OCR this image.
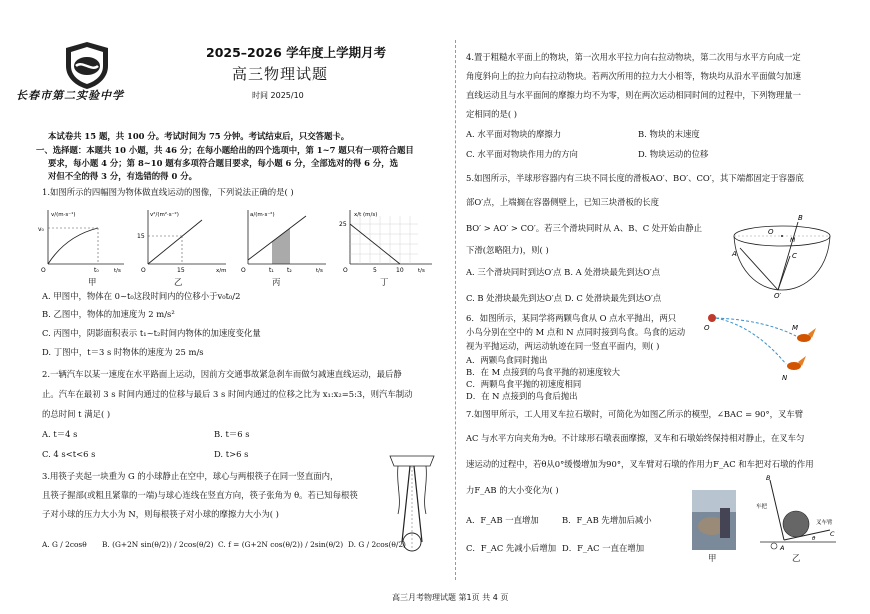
长春市第二实验中学
2025–2026 学年度上学期月考
高三物理试题
时间 2025/10
本试卷共 15 题，共 100 分。考试时间为 75 分钟。考试结束后，只交答题卡。
一、选择题：本题共 10 小题，共 46 分；在每小题给出的四个选项中，第 1~7 题只有一项符合题目
要求，每小题 4 分；第 8~10 题有多项符合题目要求，每小题 6 分，全部选对的得 6 分，选
对但不全的得 3 分，有选错的得 0 分。
1.如图所示的四幅图为物体做直线运动的图像，下列说法正确的是( )
v/(m·s⁻¹)
v₀
t₀	t/s
O
甲
v²/(m²·s⁻²)
15
15	x/m
O
乙
a/(m·s⁻²)
t₁ t₂	t/s
O
丙
x/t (m/s)
25
5	10	t/s
O
丁
A. 甲图中，物体在 0~t₀这段时间内的位移小于v₀t₀/2
B. 乙图中，物体的加速度为 2 m/s²
C. 丙图中，阴影面积表示 t₁~t₂时间内物体的加速度变化量
D. 丁图中，t＝3 s 时物体的速度为 25 m/s
2.一辆汽车以某一速度在水平路面上运动，因前方交通事故紧急刹车而做匀减速直线运动，最后静
止。汽车在最初 3 s 时间内通过的位移与最后 3 s 时间内通过的位移之比为 x₁:x₂=5:3，则汽车制动
的总时间 t 满足( )
A. t＝4 s	B. t＝6 s
C. 4 s<t<6 s	D. t>6 s
3.用筷子夹起一块重为 G 的小球静止在空中，球心与两根筷子在同一竖直面内，
且筷子握部(或粗且紧靠的一端)与球心连线在竖直方向，筷子张角为 θ。若已知每根筷
子对小球的压力大小为 N，则每根筷子对小球的摩擦力大小为( )
A. G / 2cosθ B. (G+2N sin(θ/2)) / 2cos(θ/2) C. f = (G+2N cos(θ/2)) / 2sin(θ/2) D. G / 2cos(θ/2)
4.置于粗糙水平面上的物块，第一次用水平拉力向右拉动物块，第二次用与水平方向成一定
角度斜向上的拉力向右拉动物块。若两次所用的拉力大小相等，物块均从沿水平面做匀加速
直线运动且与水平面间的摩擦力均不为零，则在两次运动相同时间的过程中，下列物理量一
定相同的是( )
A. 水平面对物块的摩擦力	B. 物块的末速度
C. 水平面对物块作用力的方向	D. 物块运动的位移
5.如图所示，半球形容器内有三块不同长度的滑板AO′、BO′、CO′，其下端都固定于容器底
部O′点，上端搁在容器侧壁上，已知三块滑板的长度
BO′ > AO′ > CO′。若三个滑块同时从 A、B、C 处开始由静止
下滑(忽略阻力)，则( )
A. 三个滑块同时到达O′点 B. A 处滑块最先到达O′点
C. B 处滑块最先到达O′点 D. C 处滑块最先到达O′点
A
B
C
M
O
O′
6．如图所示，某同学将两颗鸟食从 O 点水平抛出，两只
小鸟分别在空中的 M 点和 N 点同时接到鸟食。鸟食的运动
视为平抛运动，两运动轨迹在同一竖直平面内，则( )
A．两颗鸟食同时抛出
B．在 M 点接到的鸟食平抛的初速度较大
C．两颗鸟食平抛的初速度相同
D．在 N 点接到的鸟食后抛出
O	M
N
7.如图甲所示，工人用叉车拉石墩时，可简化为如图乙所示的模型，∠BAC = 90°，叉车臂
AC 与水平方向夹角为θ。不计球形石墩表面摩擦，叉车和石墩始终保持相对静止，在叉车匀
速运动的过程中，若θ从0°缓慢增加为90°，叉车臂对石墩的作用力F_AC 和车把对石墩的作用
力F_AB 的大小变化为( )
A．F_AB 一直增加	B．F_AB 先增加后减小
C．F_AC 先减小后增加 D．F_AC 一直在增加
甲
B
A
C
车把
叉车臂
θ
乙
高三月考物理试题 第1页 共 4 页
